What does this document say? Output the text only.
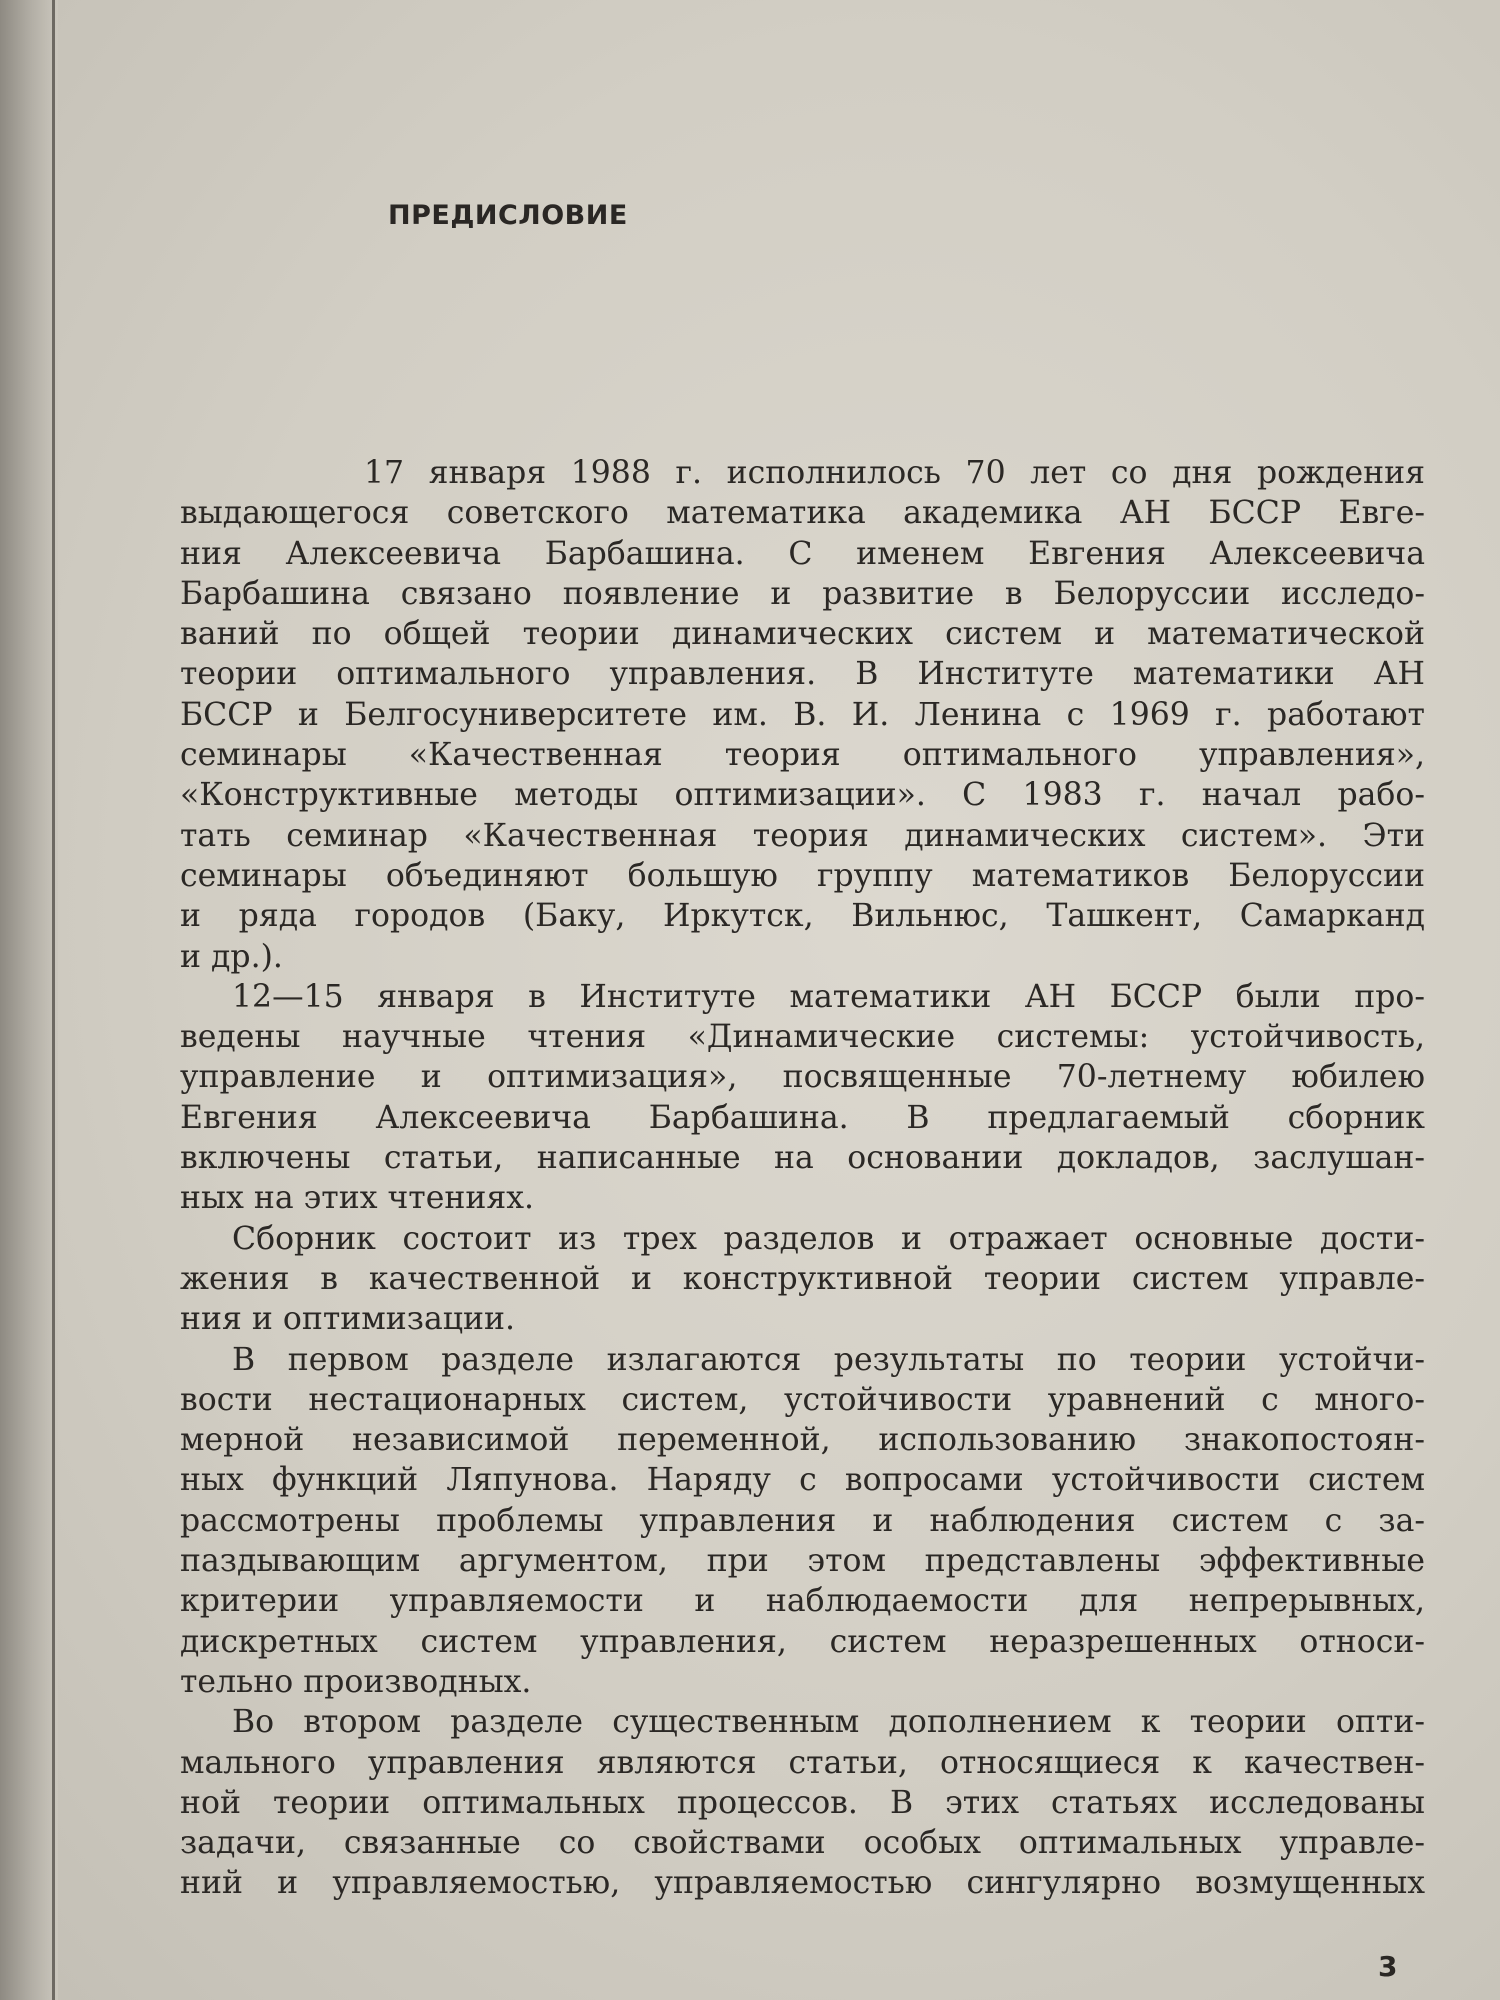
ПРЕДИСЛОВИЕ
17 января 1988 г. исполнилось 70 лет со дня рождения
выдающегося советского математика академика АН БССР Евге-
ния Алексеевича Барбашина. С именем Евгения Алексеевича
Барбашина связано появление и развитие в Белоруссии исследо-
ваний по общей теории динамических систем и математической
теории оптимального управления. В Институте математики АН
БССР и Белгосуниверситете им. В. И. Ленина с 1969 г. работают
семинары «Качественная теория оптимального управления»,
«Конструктивные методы оптимизации». С 1983 г. начал рабо-
тать семинар «Качественная теория динамических систем». Эти
семинары объединяют большую группу математиков Белоруссии
и ряда городов (Баку, Иркутск, Вильнюс, Ташкент, Самарканд
и др.).
12—15 января в Институте математики АН БССР были про-
ведены научные чтения «Динамические системы: устойчивость,
управление и оптимизация», посвященные 70-летнему юбилею
Евгения Алексеевича Барбашина. В предлагаемый сборник
включены статьи, написанные на основании докладов, заслушан-
ных на этих чтениях.
Сборник состоит из трех разделов и отражает основные дости-
жения в качественной и конструктивной теории систем управле-
ния и оптимизации.
В первом разделе излагаются результаты по теории устойчи-
вости нестационарных систем, устойчивости уравнений с много-
мерной независимой переменной, использованию знакопостоян-
ных функций Ляпунова. Наряду с вопросами устойчивости систем
рассмотрены проблемы управления и наблюдения систем с за-
паздывающим аргументом, при этом представлены эффективные
критерии управляемости и наблюдаемости для непрерывных,
дискретных систем управления, систем неразрешенных относи-
тельно производных.
Во втором разделе существенным дополнением к теории опти-
мального управления являются статьи, относящиеся к качествен-
ной теории оптимальных процессов. В этих статьях исследованы
задачи, связанные со свойствами особых оптимальных управле-
ний и управляемостью, управляемостью сингулярно возмущенных
3
